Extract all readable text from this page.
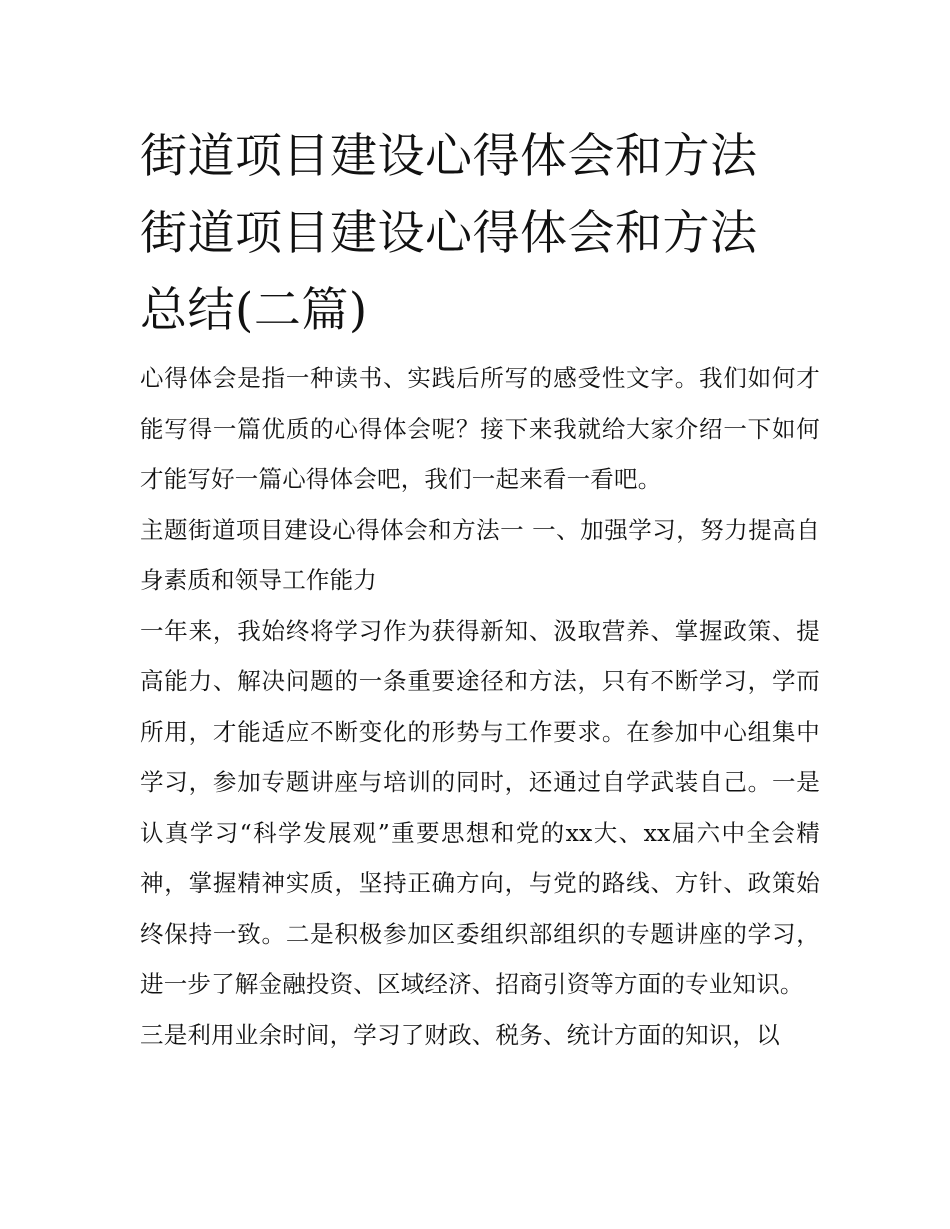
街道项目建设心得体会和方法
街道项目建设心得体会和方法
总结(二篇)

心得体会是指一种读书、实践后所写的感受性文字。我们如何才能写得一篇优质的心得体会呢？接下来我就给大家介绍一下如何才能写好一篇心得体会吧，我们一起来看一看吧。

主题街道项目建设心得体会和方法一 一、加强学习，努力提高自身素质和领导工作能力

一年来，我始终将学习作为获得新知、汲取营养、掌握政策、提高能力、解决问题的一条重要途径和方法，只有不断学习，学而所用，才能适应不断变化的形势与工作要求。在参加中心组集中学习，参加专题讲座与培训的同时，还通过自学武装自己。一是认真学习“科学发展观”重要思想和党的xx大、xx届六中全会精神，掌握精神实质，坚持正确方向，与党的路线、方针、政策始终保持一致。二是积极参加区委组织部组织的专题讲座的学习，进一步了解金融投资、区域经济、招商引资等方面的专业知识。

三是利用业余时间，学习了财政、税务、统计方面的知识，以
